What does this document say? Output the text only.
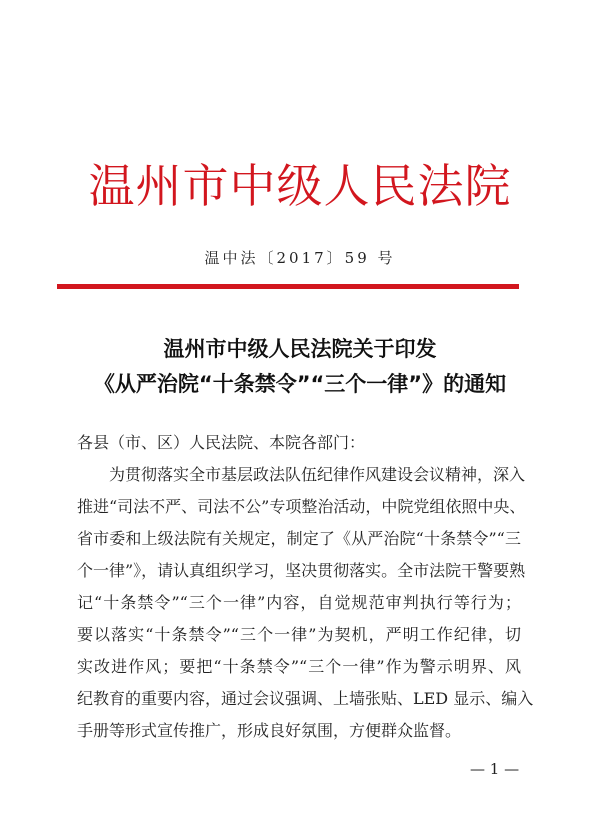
温州市中级人民法院
温中法〔2017〕59 号
温州市中级人民法院关于印发
《从严治院“十条禁令”“三个一律”》的通知
各县（市、区）人民法院、本院各部门：
为贯彻落实全市基层政法队伍纪律作风建设会议精神，深入
推进“司法不严、司法不公”专项整治活动，中院党组依照中央、
省市委和上级法院有关规定，制定了《从严治院“十条禁令”“三
个一律”》，请认真组织学习，坚决贯彻落实。全市法院干警要熟
记“十条禁令”“三个一律”内容，自觉规范审判执行等行为；
要以落实“十条禁令”“三个一律”为契机，严明工作纪律，切
实改进作风；要把“十条禁令”“三个一律”作为警示明界、风
纪教育的重要内容，通过会议强调、上墙张贴、LED 显示、编入
手册等形式宣传推广，形成良好氛围，方便群众监督。
— 1 —
